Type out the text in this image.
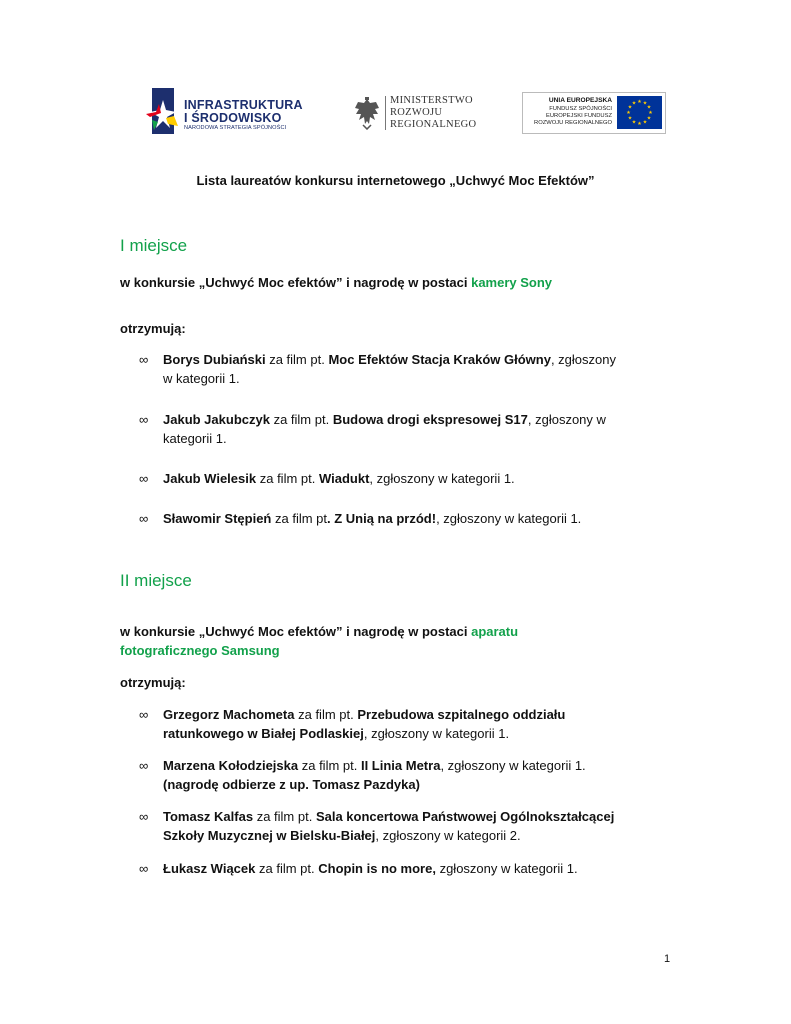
INFRASTRUKTURA
I ŚRODOWISKO
NARODOWA STRATEGIA SPÓJNOŚCI
MINISTERSTWO
ROZWOJU
REGIONALNEGO
UNIA EUROPEJSKA
FUNDUSZ SPÓJNOŚCI
EUROPEJSKI FUNDUSZ
ROZWOJU REGIONALNEGO
★ ★
★
★
★
★
★
★
★
★
★
★
Lista laureatów konkursu internetowego „Uchwyć Moc Efektów”
I miejsce
w konkursie „Uchwyć Moc efektów” i nagrodę w postaci kamery Sony
otrzymują:
∞ Borys Dubiański za film pt. Moc Efektów Stacja Kraków Główny, zgłoszony
w kategorii 1.
∞ Jakub Jakubczyk za film pt. Budowa drogi ekspresowej S17, zgłoszony w
kategorii 1.
∞ Jakub Wielesik za film pt. Wiadukt, zgłoszony w kategorii 1.
∞ Sławomir Stępień za film pt. Z Unią na przód!, zgłoszony w kategorii 1.
II miejsce
w konkursie „Uchwyć Moc efektów” i nagrodę w postaci aparatu
fotograficznego Samsung
otrzymują:
∞ Grzegorz Machometa za film pt. Przebudowa szpitalnego oddziału
ratunkowego w Białej Podlaskiej, zgłoszony w kategorii 1.
∞ Marzena Kołodziejska za film pt. II Linia Metra, zgłoszony w kategorii 1.
(nagrodę odbierze z up. Tomasz Pazdyka)
∞ Tomasz Kalfas za film pt. Sala koncertowa Państwowej Ogólnokształcącej
Szkoły Muzycznej w Bielsku-Białej, zgłoszony w kategorii 2.
∞ Łukasz Wiącek za film pt. Chopin is no more, zgłoszony w kategorii 1.
1
